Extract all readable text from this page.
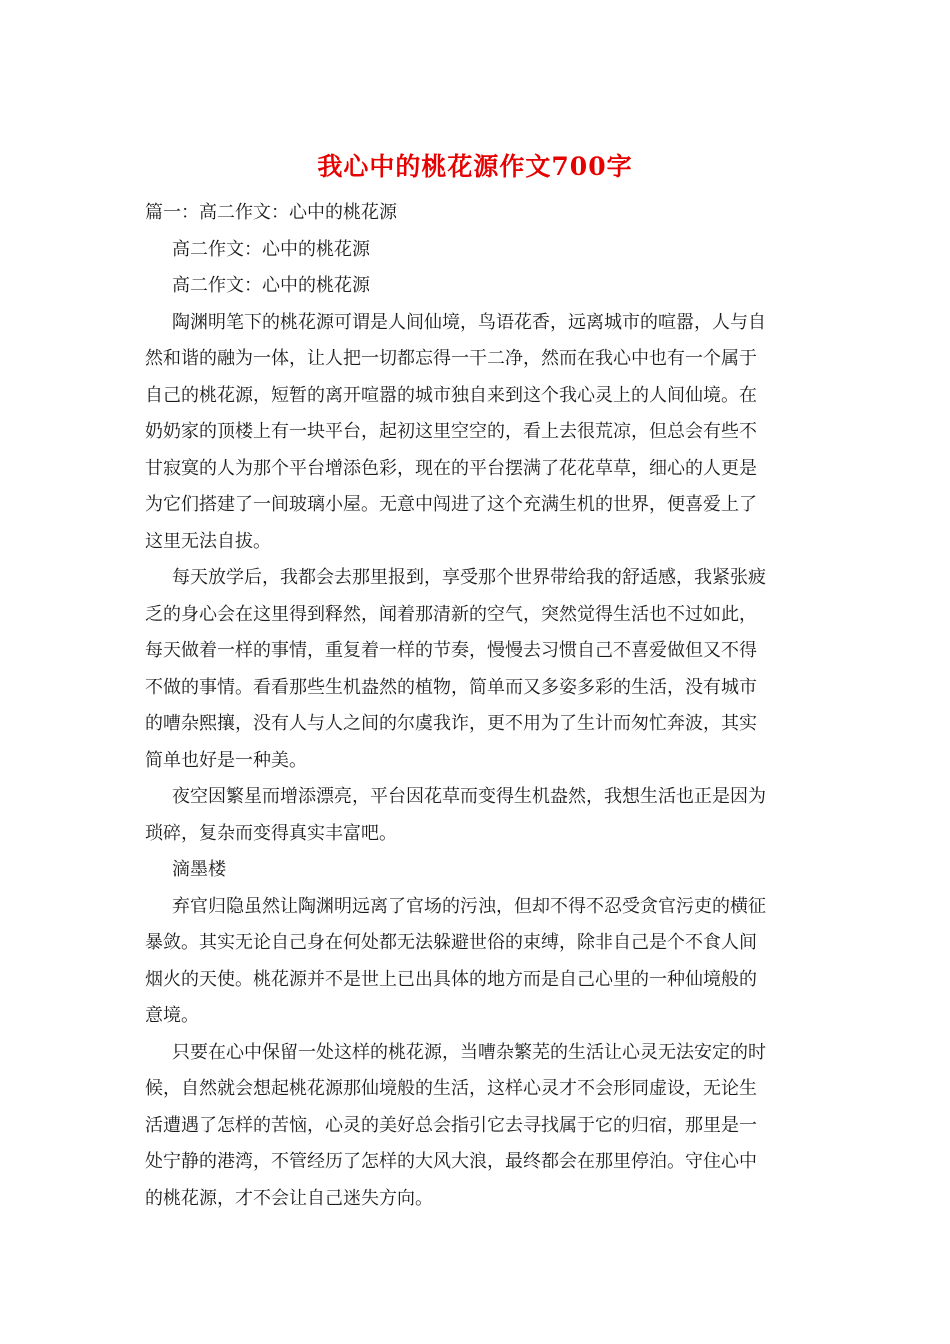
我心中的桃花源作文700字

篇一：高二作文：心中的桃花源

高二作文：心中的桃花源

高二作文：心中的桃花源

陶渊明笔下的桃花源可谓是人间仙境，鸟语花香，远离城市的喧嚣，人与自

然和谐的融为一体，让人把一切都忘得一干二净，然而在我心中也有一个属于

自己的桃花源，短暂的离开喧嚣的城市独自来到这个我心灵上的人间仙境。在

奶奶家的顶楼上有一块平台，起初这里空空的，看上去很荒凉，但总会有些不

甘寂寞的人为那个平台增添色彩，现在的平台摆满了花花草草，细心的人更是

为它们搭建了一间玻璃小屋。无意中闯进了这个充满生机的世界，便喜爱上了

这里无法自拔。

每天放学后，我都会去那里报到，享受那个世界带给我的舒适感，我紧张疲

乏的身心会在这里得到释然，闻着那清新的空气，突然觉得生活也不过如此，

每天做着一样的事情，重复着一样的节奏，慢慢去习惯自己不喜爱做但又不得

不做的事情。看看那些生机盎然的植物，简单而又多姿多彩的生活，没有城市

的嘈杂熙攘，没有人与人之间的尔虞我诈，更不用为了生计而匆忙奔波，其实

简单也好是一种美。

夜空因繁星而增添漂亮，平台因花草而变得生机盎然，我想生活也正是因为

琐碎，复杂而变得真实丰富吧。

滴墨楼

弃官归隐虽然让陶渊明远离了官场的污浊，但却不得不忍受贪官污吏的横征

暴敛。其实无论自己身在何处都无法躲避世俗的束缚，除非自己是个不食人间

烟火的天使。桃花源并不是世上已出具体的地方而是自己心里的一种仙境般的

意境。

只要在心中保留一处这样的桃花源，当嘈杂繁芜的生活让心灵无法安定的时

候，自然就会想起桃花源那仙境般的生活，这样心灵才不会形同虚设，无论生

活遭遇了怎样的苦恼，心灵的美好总会指引它去寻找属于它的归宿，那里是一

处宁静的港湾，不管经历了怎样的大风大浪，最终都会在那里停泊。守住心中

的桃花源，才不会让自己迷失方向。
